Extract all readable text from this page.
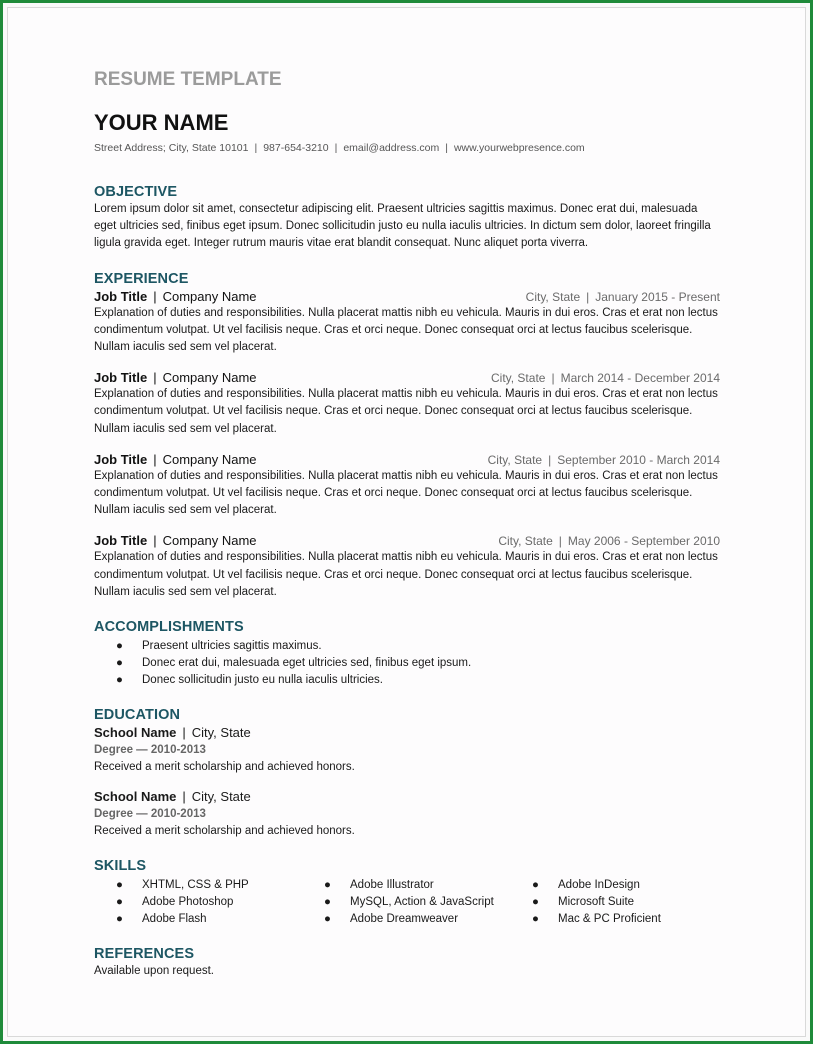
RESUME TEMPLATE
YOUR NAME
Street Address; City, State 10101 | 987-654-3210 | email@address.com | www.yourwebpresence.com
OBJECTIVE
Lorem ipsum dolor sit amet, consectetur adipiscing elit. Praesent ultricies sagittis maximus. Donec erat dui, malesuada eget ultricies sed, finibus eget ipsum. Donec sollicitudin justo eu nulla iaculis ultricies. In dictum sem dolor, laoreet fringilla ligula gravida eget. Integer rutrum mauris vitae erat blandit consequat. Nunc aliquet porta viverra.
EXPERIENCE
Job Title | Company Name	City, State | January 2015 - Present
Explanation of duties and responsibilities. Nulla placerat mattis nibh eu vehicula. Mauris in dui eros. Cras et erat non lectus condimentum volutpat. Ut vel facilisis neque. Cras et orci neque. Donec consequat orci at lectus faucibus scelerisque. Nullam iaculis sed sem vel placerat.
Job Title | Company Name	City, State | March 2014 - December 2014
Explanation of duties and responsibilities. Nulla placerat mattis nibh eu vehicula. Mauris in dui eros. Cras et erat non lectus condimentum volutpat. Ut vel facilisis neque. Cras et orci neque. Donec consequat orci at lectus faucibus scelerisque. Nullam iaculis sed sem vel placerat.
Job Title | Company Name	City, State | September 2010 - March 2014
Explanation of duties and responsibilities. Nulla placerat mattis nibh eu vehicula. Mauris in dui eros. Cras et erat non lectus condimentum volutpat. Ut vel facilisis neque. Cras et orci neque. Donec consequat orci at lectus faucibus scelerisque. Nullam iaculis sed sem vel placerat.
Job Title | Company Name	City, State | May 2006 - September 2010
Explanation of duties and responsibilities. Nulla placerat mattis nibh eu vehicula. Mauris in dui eros. Cras et erat non lectus condimentum volutpat. Ut vel facilisis neque. Cras et orci neque. Donec consequat orci at lectus faucibus scelerisque. Nullam iaculis sed sem vel placerat.
ACCOMPLISHMENTS
● Praesent ultricies sagittis maximus.
● Donec erat dui, malesuada eget ultricies sed, finibus eget ipsum.
● Donec sollicitudin justo eu nulla iaculis ultricies.
EDUCATION
School Name | City, State
Degree — 2010-2013
Received a merit scholarship and achieved honors.
School Name | City, State
Degree — 2010-2013
Received a merit scholarship and achieved honors.
SKILLS
● XHTML, CSS & PHP
● Adobe Photoshop
● Adobe Flash
● Adobe Illustrator
● MySQL, Action & JavaScript
● Adobe Dreamweaver
● Adobe InDesign
● Microsoft Suite
● Mac & PC Proficient
REFERENCES
Available upon request.
